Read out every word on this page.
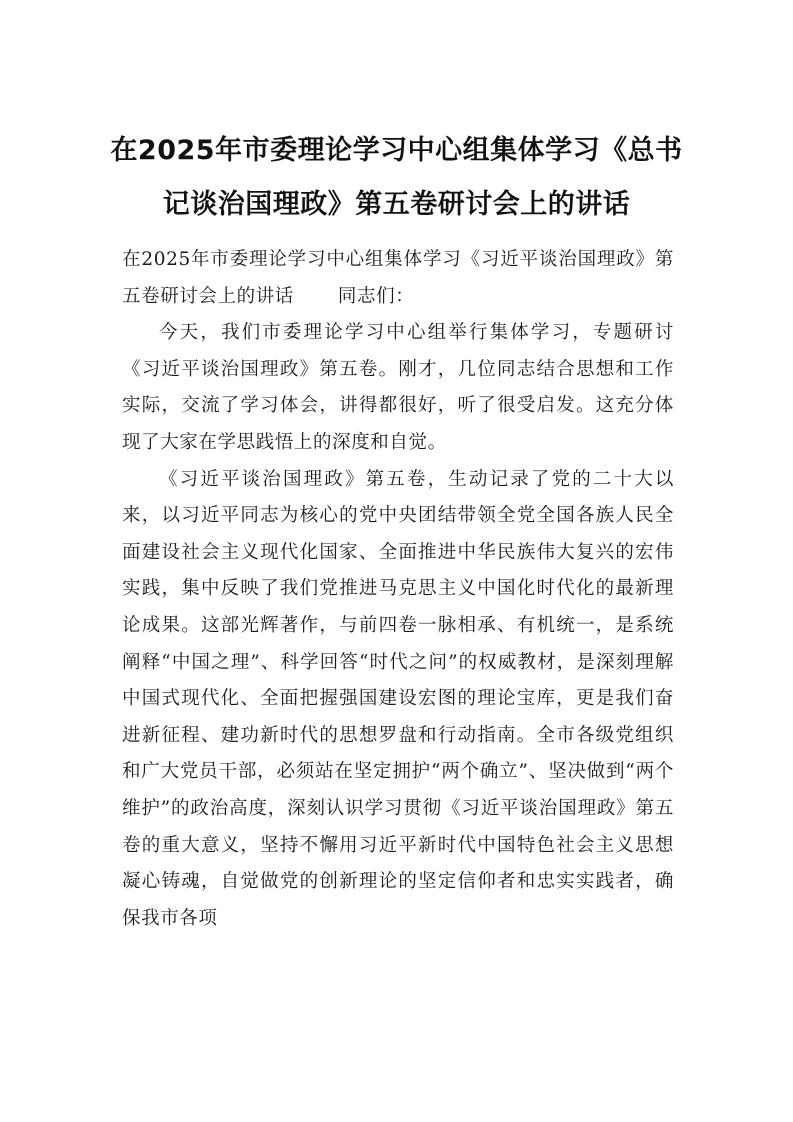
在2025年市委理论学习中心组集体学习《总书记谈治国理政》第五卷研讨会上的讲话

在2025年市委理论学习中心组集体学习《习近平谈治国理政》第五卷研讨会上的讲话 同志们：

今天，我们市委理论学习中心组举行集体学习，专题研讨《习近平谈治国理政》第五卷。刚才，几位同志结合思想和工作实际，交流了学习体会，讲得都很好，听了很受启发。这充分体现了大家在学思践悟上的深度和自觉。

《习近平谈治国理政》第五卷，生动记录了党的二十大以来，以习近平同志为核心的党中央团结带领全党全国各族人民全面建设社会主义现代化国家、全面推进中华民族伟大复兴的宏伟实践，集中反映了我们党推进马克思主义中国化时代化的最新理论成果。这部光辉著作，与前四卷一脉相承、有机统一，是系统阐释“中国之理”、科学回答“时代之问”的权威教材，是深刻理解中国式现代化、全面把握强国建设宏图的理论宝库，更是我们奋进新征程、建功新时代的思想罗盘和行动指南。全市各级党组织和广大党员干部，必须站在坚定拥护“两个确立”、坚决做到“两个维护”的政治高度，深刻认识学习贯彻《习近平谈治国理政》第五卷的重大意义，坚持不懈用习近平新时代中国特色社会主义思想凝心铸魂，自觉做党的创新理论的坚定信仰者和忠实实践者，确保我市各项
